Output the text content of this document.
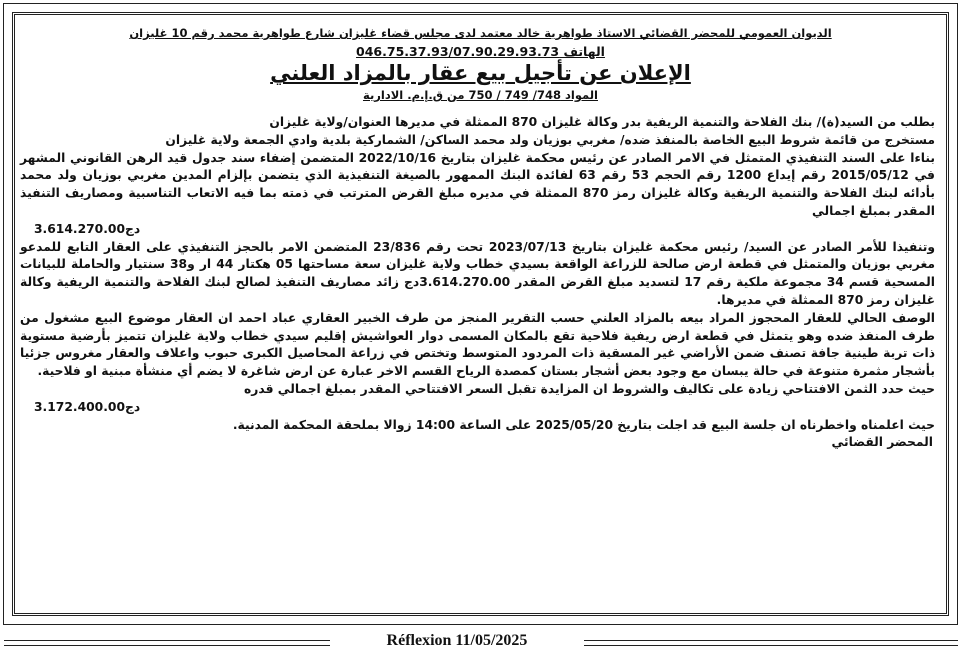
الديوان العمومي للمحضر القضائي الاستاذ طواهرية خالد معتمد لدى مجلس قضاء غليزان شارع طواهرية محمد رقم 10 غليزان
الهاتف 046.75.37.93/07.90.29.93.73
الإعلان عن تأجيل بيع عقار بالمزاد العلني
المواد 748/ 749 / 750 من ق.إ.م. الادارية

بطلب من السيد(ة)/ بنك الفلاحة والتنمية الريفية بدر وكالة غليزان 870 الممثلة في مديرها العنوان/ولاية غليزان

مستخرج من قائمة شروط البيع الخاصة بالمنفذ ضده/ مغربي بوزيان ولد محمد الساكن/ الشماركية بلدية وادي الجمعة ولاية غليزان

بناءا على السند التنفيذي المتمثل في الامر الصادر عن رئيس محكمة غليزان بتاريخ 2022/10/16 المتضمن إضفاء سند جدول قيد الرهن القانوني المشهر في 2015/05/12 رقم إيداع 1200 رقم الحجم 53 رقم 63 لفائدة البنك الممهور بالصيغة التنفيذية الذي يتضمن بإلزام المدين مغربي بوزيان ولد محمد بأدائه لبنك الفلاحة والتنمية الريفية وكالة غليزان رمز 870 الممثلة في مديره مبلغ القرض المترتب في ذمته بما فيه الاتعاب التناسبية ومصاريف التنفيذ المقدر بمبلغ اجمالي

3.614.270.00دج

وتنفيذا للأمر الصادر عن السيد/ رئيس محكمة غليزان بتاريخ 2023/07/13 تحت رقم 23/836 المتضمن الامر بالحجز التنفيذي على العقار التابع للمدعو مغربي بوزيان والمتمثل في قطعة ارض صالحة للزراعة الواقعة بسيدي خطاب ولاية غليزان سعة مساحتها 05 هكتار 44 ار و38 سنتيار والحاملة للبيانات المسحية قسم 34 مجموعة ملكية رقم 17 لتسديد مبلغ القرض المقدر 3.614.270.00دج زائد مصاريف التنفيذ لصالح لبنك الفلاحة والتنمية الريفية وكالة غليزان رمز 870 الممثلة في مديرها.

الوصف الحالي للعقار المحجوز المراد بيعه بالمزاد العلني حسب التقرير المنجز من طرف الخبير العقاري عباد احمد ان العقار موضوع البيع مشغول من طرف المنفذ ضده وهو يتمثل في قطعة ارض ريفية فلاحية تقع بالمكان المسمى دوار العواشيش إقليم سيدي خطاب ولاية غليزان تتميز بأرضية مستوية ذات تربة طينية جافة تصنف ضمن الأراضي غير المسقية ذات المردود المتوسط وتختص في زراعة المحاصيل الكبرى حبوب واعلاف والعقار مغروس جزئيا بأشجار مثمرة متنوعة في حالة يبسان مع وجود بعض أشجار بستان كمصدة الرياح القسم الاخر عبارة عن ارض شاغرة لا يضم أي منشأة مبنية او فلاحية.

حيث حدد الثمن الافتتاحي زيادة على تكاليف والشروط ان المزايدة تقبل السعر الافتتاحي المقدر بمبلغ اجمالي قدره

3.172.400.00دج

حيث اعلمناه واخطرناه ان جلسة البيع قد اجلت بتاريخ 2025/05/20 على الساعة 14:00 زوالا بملحقة المحكمة المدنية.

المحضر القضائي

Réflexion 11/05/2025
